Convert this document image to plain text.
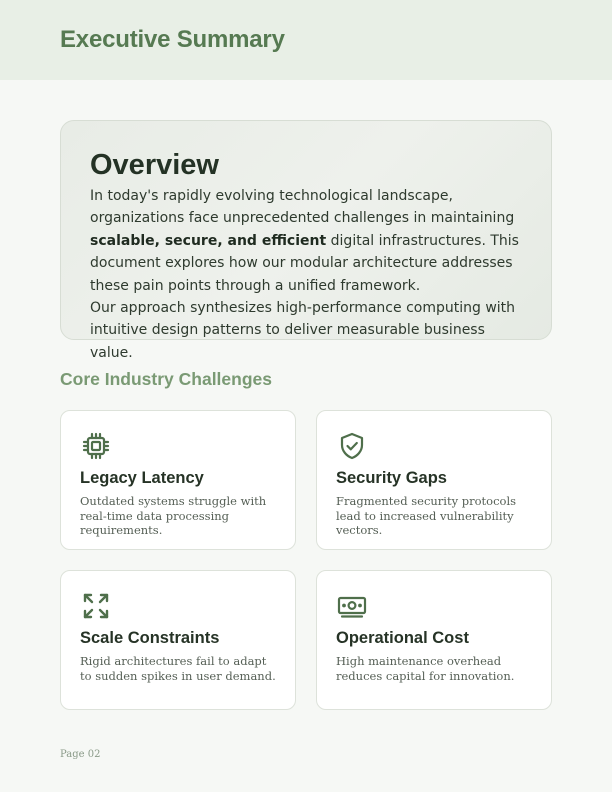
Executive Summary
Overview

In today's rapidly evolving technological landscape, organizations face unprecedented challenges in maintaining scalable, secure, and efficient digital infrastructures. This document explores how our modular architecture addresses these pain points through a unified framework.

Our approach synthesizes high-performance computing with intuitive design patterns to deliver measurable business value.

Core Industry Challenges
Legacy Latency
Outdated systems struggle with real-time data processing requirements.
Security Gaps
Fragmented security protocols lead to increased vulnerability vectors.
Scale Constraints
Rigid architectures fail to adapt to sudden spikes in user demand.
Operational Cost
High maintenance overhead reduces capital for innovation.
Page 02
